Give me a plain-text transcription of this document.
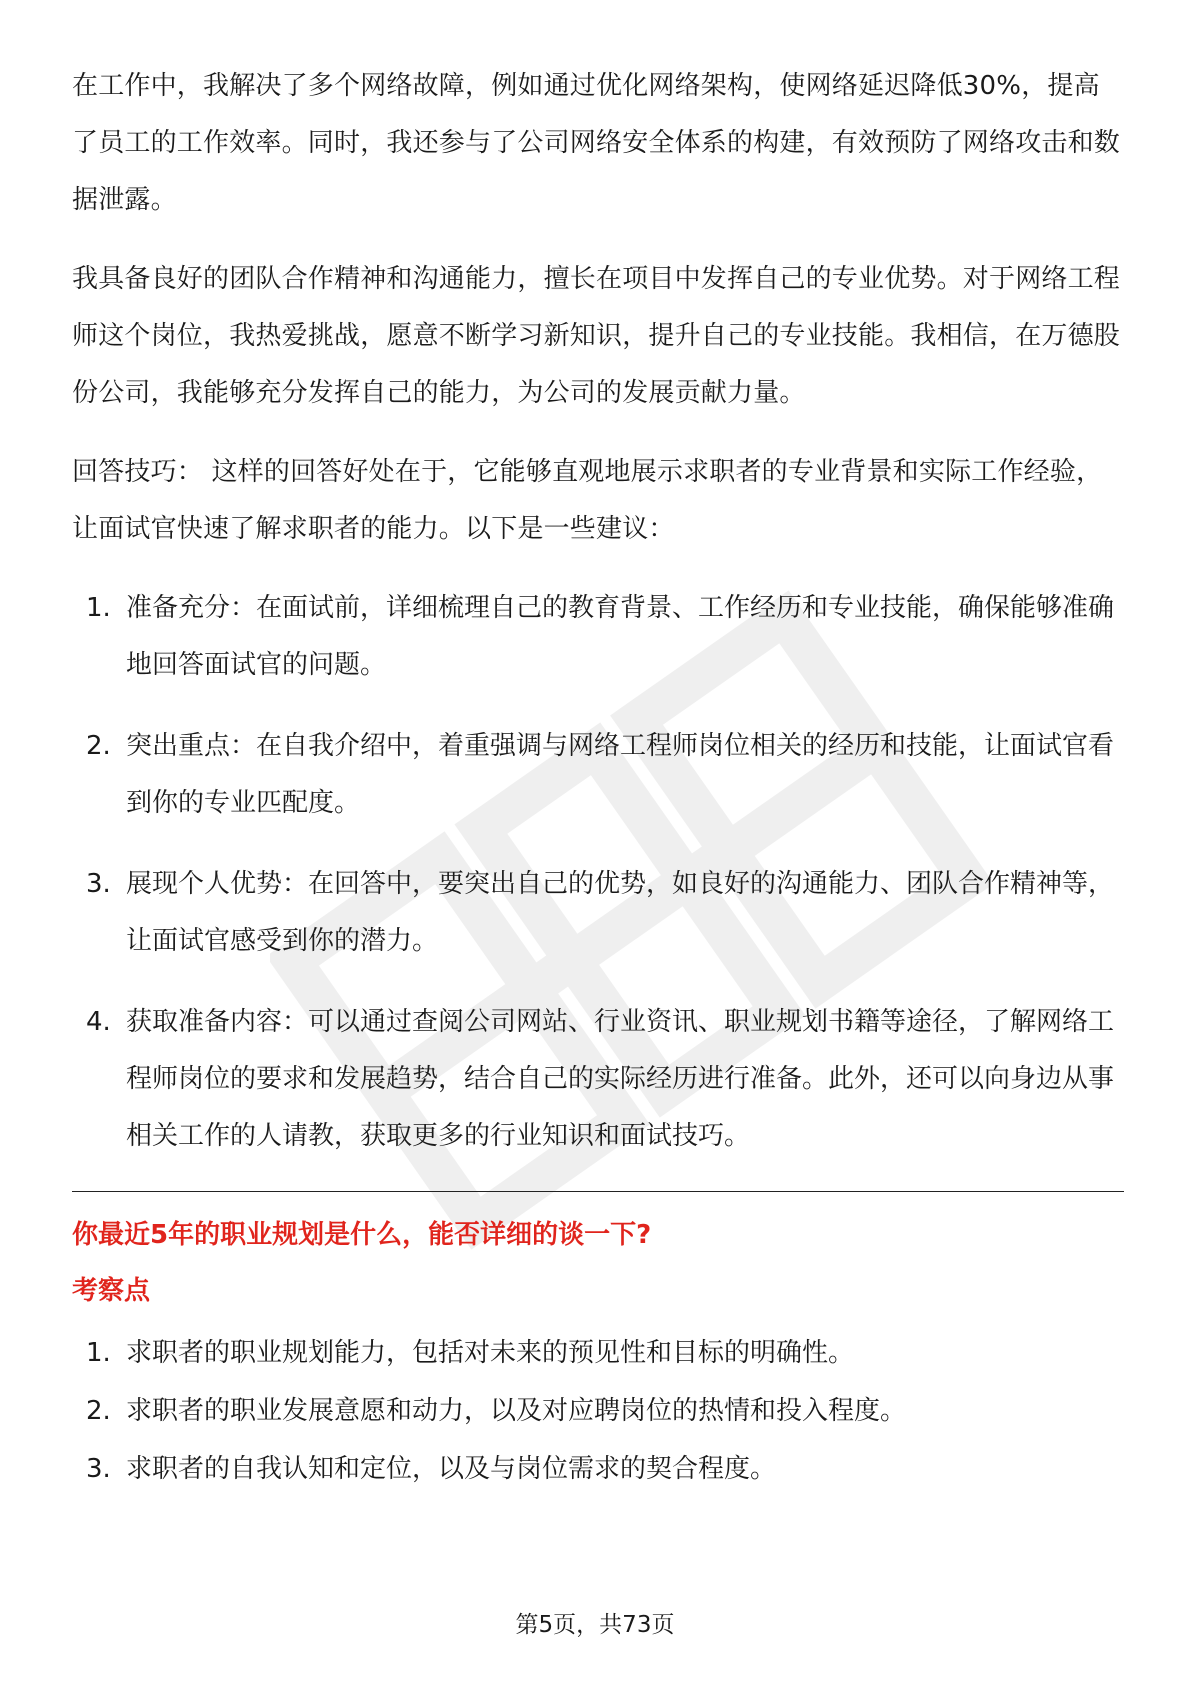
在工作中，我解决了多个网络故障，例如通过优化网络架构，使网络延迟降低30%，提高了员工的工作效率。同时，我还参与了公司网络安全体系的构建，有效预防了网络攻击和数据泄露。

我具备良好的团队合作精神和沟通能力，擅长在项目中发挥自己的专业优势。对于网络工程师这个岗位，我热爱挑战，愿意不断学习新知识，提升自己的专业技能。我相信，在万德股份公司，我能够充分发挥自己的能力，为公司的发展贡献力量。

回答技巧： 这样的回答好处在于，它能够直观地展示求职者的专业背景和实际工作经验，让面试官快速了解求职者的能力。以下是一些建议：

1. 准备充分：在面试前，详细梳理自己的教育背景、工作经历和专业技能，确保能够准确地回答面试官的问题。
2. 突出重点：在自我介绍中，着重强调与网络工程师岗位相关的经历和技能，让面试官看到你的专业匹配度。
3. 展现个人优势：在回答中，要突出自己的优势，如良好的沟通能力、团队合作精神等，让面试官感受到你的潜力。
4. 获取准备内容：可以通过查阅公司网站、行业资讯、职业规划书籍等途径，了解网络工程师岗位的要求和发展趋势，结合自己的实际经历进行准备。此外，还可以向身边从事相关工作的人请教，获取更多的行业知识和面试技巧。

你最近5年的职业规划是什么，能否详细的谈一下?

考察点

1. 求职者的职业规划能力，包括对未来的预见性和目标的明确性。
2. 求职者的职业发展意愿和动力，以及对应聘岗位的热情和投入程度。
3. 求职者的自我认知和定位，以及与岗位需求的契合程度。
第5页，共73页
